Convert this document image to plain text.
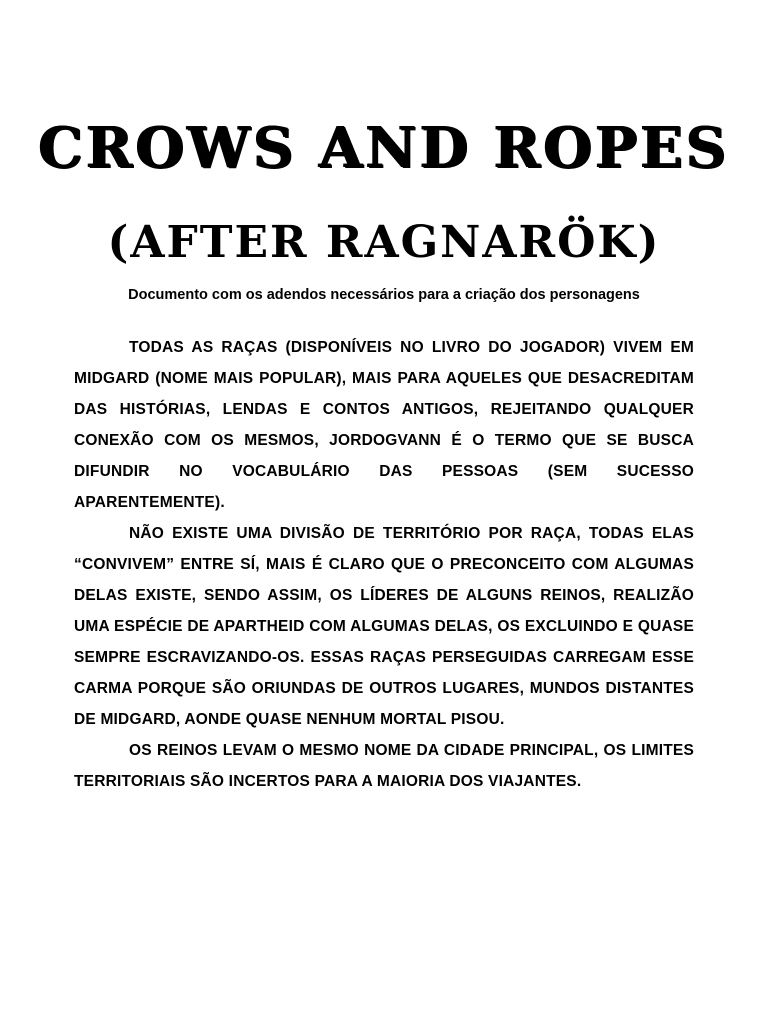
CROWS AND ROPES
(AFTER RAGNARÖK)

Documento com os adendos necessários para a criação dos personagens

TODAS AS RAÇAS (DISPONÍVEIS NO LIVRO DO JOGADOR) VIVEM EM MIDGARD (NOME MAIS POPULAR), MAIS PARA AQUELES QUE DESACREDITAM DAS HISTÓRIAS, LENDAS E CONTOS ANTIGOS, REJEITANDO QUALQUER CONEXÃO COM OS MESMOS, JORDOGVANN É O TERMO QUE SE BUSCA DIFUNDIR NO VOCABULÁRIO DAS PESSOAS (SEM SUCESSO APARENTEMENTE).

NÃO EXISTE UMA DIVISÃO DE TERRITÓRIO POR RAÇA, TODAS ELAS “CONVIVEM” ENTRE SÍ, MAIS É CLARO QUE O PRECONCEITO COM ALGUMAS DELAS EXISTE, SENDO ASSIM, OS LÍDERES DE ALGUNS REINOS, REALIZÃO UMA ESPÉCIE DE APARTHEID COM ALGUMAS DELAS, OS EXCLUINDO E QUASE SEMPRE ESCRAVIZANDO-OS. ESSAS RAÇAS PERSEGUIDAS CARREGAM ESSE CARMA PORQUE SÃO ORIUNDAS DE OUTROS LUGARES, MUNDOS DISTANTES DE MIDGARD, AONDE QUASE NENHUM MORTAL PISOU.

OS REINOS LEVAM O MESMO NOME DA CIDADE PRINCIPAL, OS LIMITES TERRITORIAIS SÃO INCERTOS PARA A MAIORIA DOS VIAJANTES.
